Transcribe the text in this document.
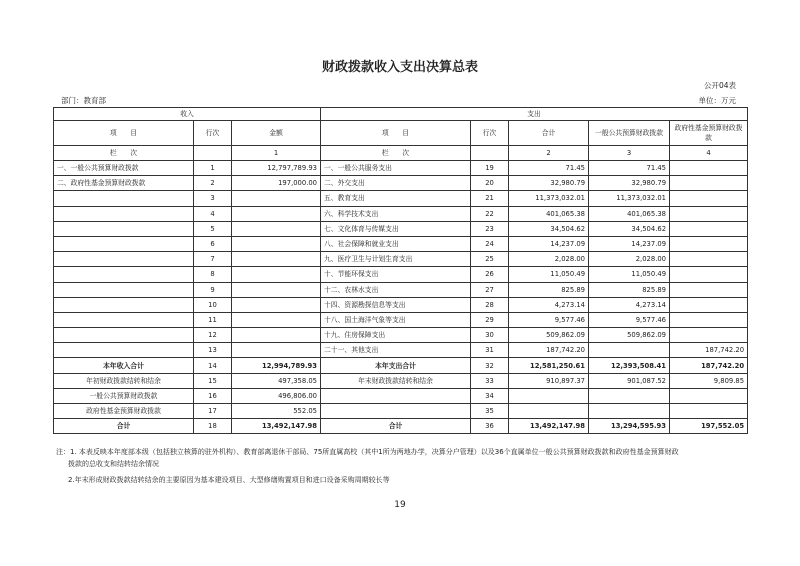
财政拨款收入支出决算总表
公开04表
部门：教育部	单位：万元
收入			支出				
项　　目	行次	金额	项　　目	行次	合计	一般公共预算财政拨款	政府性基金预算财政拨款
栏　　次		1	栏　　次		2	3	4
一、一般公共预算财政拨款	1	12,797,789.93	一、一般公共服务支出	19	71.45	71.45	
二、政府性基金预算财政拨款	2	197,000.00	二、外交支出	20	32,980.79	32,980.79	
	3		五、教育支出	21	11,373,032.01	11,373,032.01	
	4		六、科学技术支出	22	401,065.38	401,065.38	
	5		七、文化体育与传媒支出	23	34,504.62	34,504.62	
	6		八、社会保障和就业支出	24	14,237.09	14,237.09	
	7		九、医疗卫生与计划生育支出	25	2,028.00	2,028.00	
	8		十、节能环保支出	26	11,050.49	11,050.49	
	9		十二、农林水支出	27	825.89	825.89	
	10		十四、资源勘探信息等支出	28	4,273.14	4,273.14	
	11		十八、国土海洋气象等支出	29	9,577.46	9,577.46	
	12		十九、住房保障支出	30	509,862.09	509,862.09	
	13		二十一、其他支出	31	187,742.20		187,742.20
本年收入合计	14	12,994,789.93	本年支出合计	32	12,581,250.61	12,393,508.41	187,742.20
年初财政拨款结转和结余	15	497,358.05	年末财政拨款结转和结余	33	910,897.37	901,087.52	9,809.85
一般公共预算财政拨款	16	496,806.00		34			
政府性基金预算财政拨款	17	552.05		35			
合计	18	13,492,147.98	合计	36	13,492,147.98	13,294,595.93	197,552.05
注：1. 本表反映本年度部本级（包括独立核算的驻外机构）、教育部离退休干部局、75所直属高校（其中1所为两地办学，决算分户管理）以及36个直属单位一般公共预算财政拨款和政府性基金预算财政
拨款的总收支和结转结余情况
2.年末形成财政拨款结转结余的主要原因为基本建设项目、大型修缮购置项目和进口设备采购周期较长等
19
